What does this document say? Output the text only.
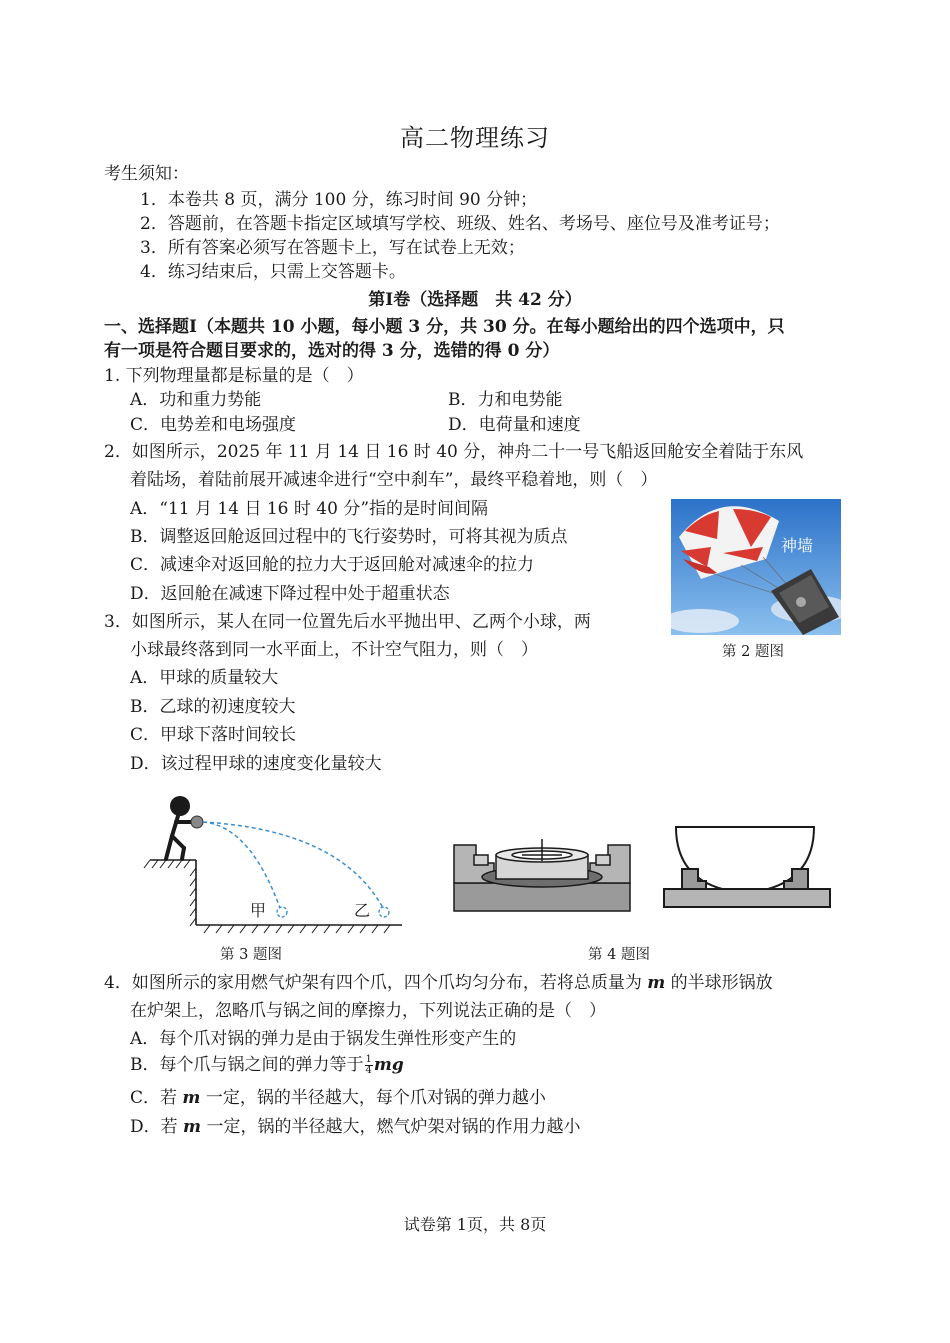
高二物理练习
考生须知：
1．本卷共 8 页，满分 100 分，练习时间 90 分钟；
2．答题前，在答题卡指定区域填写学校、班级、姓名、考场号、座位号及准考证号；
3．所有答案必须写在答题卡上，写在试卷上无效；
4．练习结束后，只需上交答题卡。
第Ⅰ卷（选择题　共 42 分）
一、选择题Ⅰ（本题共 10 小题，每小题 3 分，共 30 分。在每小题给出的四个选项中，只
有一项是符合题目要求的，选对的得 3 分，选错的得 0 分）
1. 下列物理量都是标量的是（　）
A．功和重力势能	B．力和电势能
C．电势差和电场强度	D．电荷量和速度
2．如图所示，2025 年 11 月 14 日 16 时 40 分，神舟二十一号飞船返回舱安全着陆于东风
着陆场，着陆前展开减速伞进行“空中刹车”，最终平稳着地，则（　）
A．“11 月 14 日 16 时 40 分”指的是时间间隔
B．调整返回舱返回过程中的飞行姿势时，可将其视为质点
C．减速伞对返回舱的拉力大于返回舱对减速伞的拉力
D．返回舱在减速下降过程中处于超重状态
神墙
第 2 题图
3．如图所示，某人在同一位置先后水平抛出甲、乙两个小球，两
小球最终落到同一水平面上，不计空气阻力，则（　）
A．甲球的质量较大
B．乙球的初速度较大
C．甲球下落时间较长
D．该过程甲球的速度变化量较大
甲	乙
第 3 题图	第 4 题图
4．如图所示的家用燃气炉架有四个爪，四个爪均匀分布，若将总质量为 m 的半球形锅放
在炉架上，忽略爪与锅之间的摩擦力，下列说法正确的是（　）
A．每个爪对锅的弹力是由于锅发生弹性形变产生的
B．每个爪与锅之间的弹力等于 $\frac{1}{4}$ mg
C．若 m 一定，锅的半径越大，每个爪对锅的弹力越小
D．若 m 一定，锅的半径越大，燃气炉架对锅的作用力越小
试卷第 1页，共 8页
